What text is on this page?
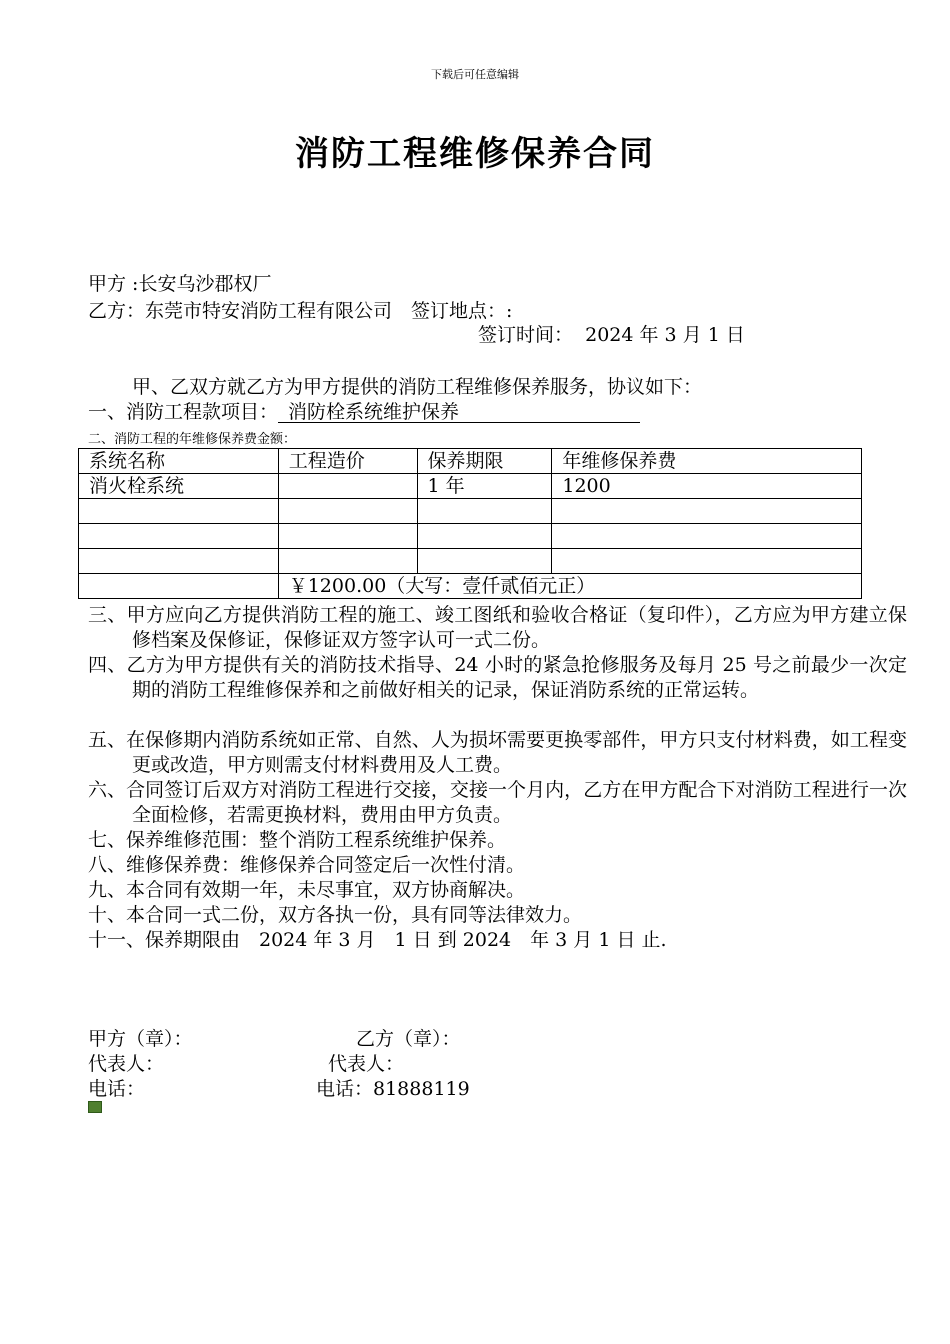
下载后可任意编辑
消防工程维修保养合同
甲方 :长安乌沙郡权厂
乙方：东莞市特安消防工程有限公司　签订地点：:
签订时间： 2024 年 3 月 1 日
甲、乙双方就乙方为甲方提供的消防工程维修保养服务，协议如下：
一、消防工程款项目： 消防栓系统维护保养
二、消防工程的年维修保养费金额：
系统名称	工程造价	保养期限	年维修保养费
消火栓系统		1 年	1200

	￥1200.00（大写：壹仟贰佰元正）		
三、甲方应向乙方提供消防工程的施工、竣工图纸和验收合格证（复印件），乙方应为甲方建立保修档案及保修证，保修证双方签字认可一式二份。
四、乙方为甲方提供有关的消防技术指导、24 小时的紧急抢修服务及每月 25 号之前最少一次定期的消防工程维修保养和之前做好相关的记录，保证消防系统的正常运转。
五、在保修期内消防系统如正常、自然、人为损坏需要更换零部件，甲方只支付材料费，如工程变更或改造，甲方则需支付材料费用及人工费。
六、合同签订后双方对消防工程进行交接，交接一个月内，乙方在甲方配合下对消防工程进行一次全面检修，若需更换材料，费用由甲方负责。
七、保养维修范围：整个消防工程系统维护保养。
八、维修保养费：维修保养合同签定后一次性付清。
九、本合同有效期一年，未尽事宜，双方协商解决。
十、本合同一式二份，双方各执一份，具有同等法律效力。
十一、保养期限由　2024 年 3 月　1 日 到 2024　年 3 月 1 日 止.
甲方（章）：	乙方（章）：
代表人：	代表人：
电话：	电话：81888119
